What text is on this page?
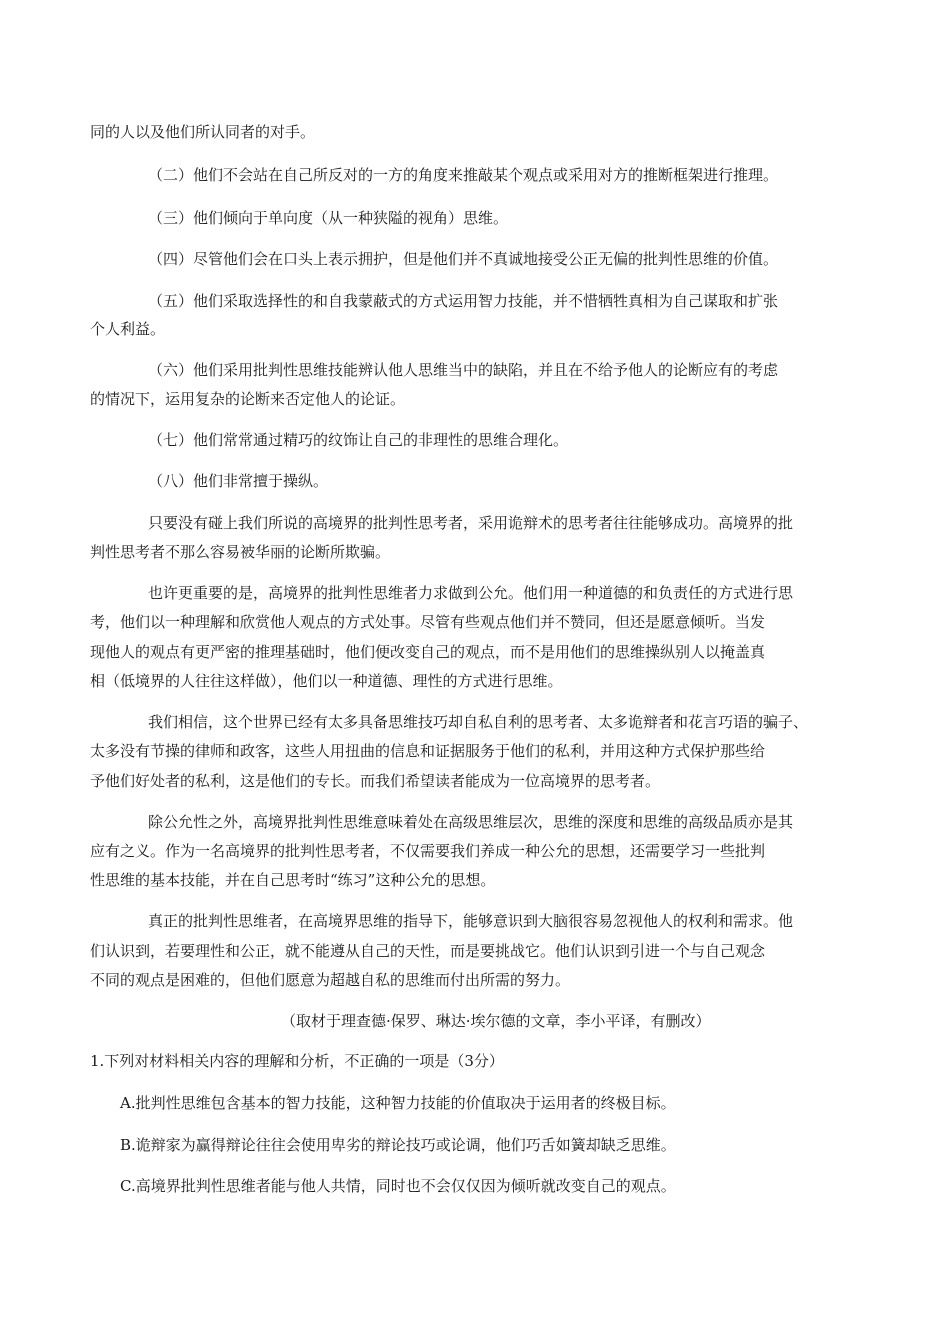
同的人以及他们所认同者的对手。
（二）他们不会站在自己所反对的一方的角度来推敲某个观点或采用对方的推断框架进行推理。
（三）他们倾向于单向度（从一种狭隘的视角）思维。
（四）尽管他们会在口头上表示拥护，但是他们并不真诚地接受公正无偏的批判性思维的价值。
（五）他们采取选择性的和自我蒙蔽式的方式运用智力技能，并不惜牺牲真相为自己谋取和扩张
个人利益。
（六）他们采用批判性思维技能辨认他人思维当中的缺陷，并且在不给予他人的论断应有的考虑
的情况下，运用复杂的论断来否定他人的论证。
（七）他们常常通过精巧的纹饰让自己的非理性的思维合理化。
（八）他们非常擅于操纵。
只要没有碰上我们所说的高境界的批判性思考者，采用诡辩术的思考者往往能够成功。高境界的批
判性思考者不那么容易被华丽的论断所欺骗。
也许更重要的是，高境界的批判性思维者力求做到公允。他们用一种道德的和负责任的方式进行思
考，他们以一种理解和欣赏他人观点的方式处事。尽管有些观点他们并不赞同，但还是愿意倾听。当发
现他人的观点有更严密的推理基础时，他们便改变自己的观点，而不是用他们的思维操纵别人以掩盖真
相（低境界的人往往这样做），他们以一种道德、理性的方式进行思维。
我们相信，这个世界已经有太多具备思维技巧却自私自利的思考者、太多诡辩者和花言巧语的骗子、
太多没有节操的律师和政客，这些人用扭曲的信息和证据服务于他们的私利，并用这种方式保护那些给
予他们好处者的私利，这是他们的专长。而我们希望读者能成为一位高境界的思考者。
除公允性之外，高境界批判性思维意味着处在高级思维层次，思维的深度和思维的高级品质亦是其
应有之义。作为一名高境界的批判性思考者，不仅需要我们养成一种公允的思想，还需要学习一些批判
性思维的基本技能，并在自己思考时“练习”这种公允的思想。
真正的批判性思维者，在高境界思维的指导下，能够意识到大脑很容易忽视他人的权利和需求。他
们认识到，若要理性和公正，就不能遵从自己的天性，而是要挑战它。他们认识到引进一个与自己观念
不同的观点是困难的，但他们愿意为超越自私的思维而付出所需的努力。
（取材于理查德·保罗、琳达·埃尔德的文章，李小平译，有删改）
1.下列对材料相关内容的理解和分析，不正确的一项是（3分）
A.批判性思维包含基本的智力技能，这种智力技能的价值取决于运用者的终极目标。
B.诡辩家为赢得辩论往往会使用卑劣的辩论技巧或论调，他们巧舌如簧却缺乏思维。
C.高境界批判性思维者能与他人共情，同时也不会仅仅因为倾听就改变自己的观点。
